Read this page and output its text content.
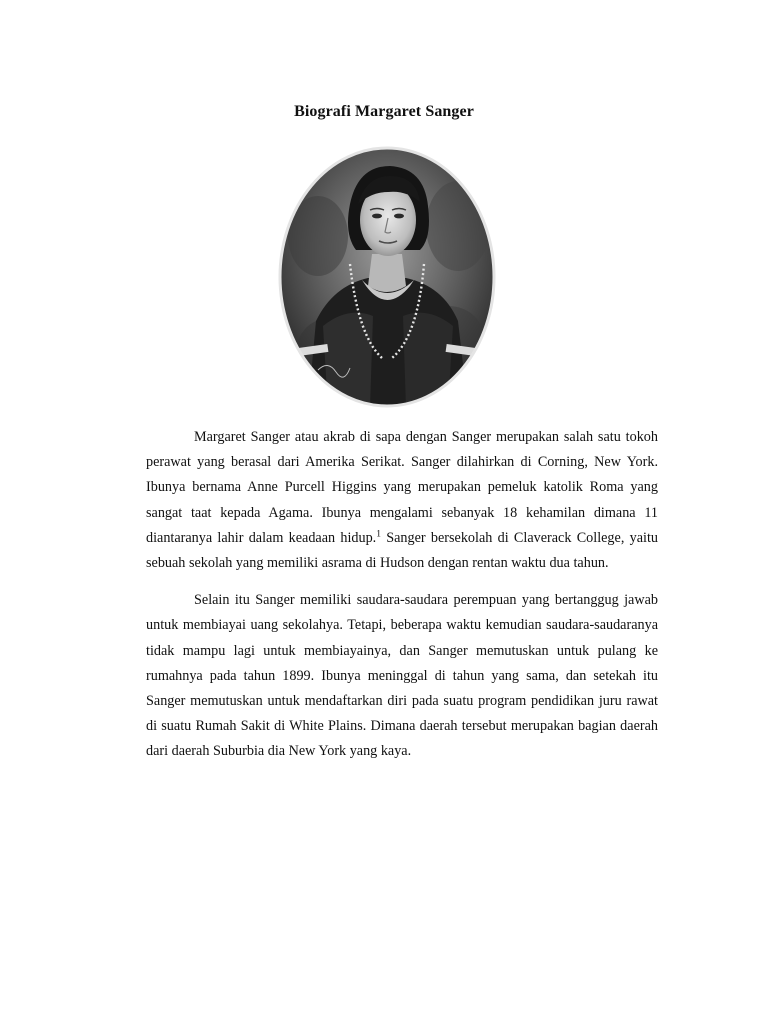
Biografi Margaret Sanger

Margaret Sanger atau akrab di sapa dengan Sanger merupakan salah satu tokoh perawat yang berasal dari Amerika Serikat. Sanger dilahirkan di Corning, New York. Ibunya bernama Anne Purcell Higgins yang merupakan pemeluk katolik Roma yang sangat taat kepada Agama. Ibunya mengalami sebanyak 18 kehamilan dimana 11 diantaranya lahir dalam keadaan hidup.$^1$ Sanger bersekolah di Claverack College, yaitu sebuah sekolah yang memiliki asrama di Hudson dengan rentan waktu dua tahun.

Selain itu Sanger memiliki saudara-saudara perempuan yang bertanggug jawab untuk membiayai uang sekolahya. Tetapi, beberapa waktu kemudian saudara-saudaranya tidak mampu lagi untuk membiayainya, dan Sanger memutuskan untuk pulang ke rumahnya pada tahun 1899. Ibunya meninggal di tahun yang sama, dan setekah itu Sanger memutuskan untuk mendaftarkan diri pada suatu program pendidikan juru rawat di suatu Rumah Sakit di White Plains. Dimana daerah tersebut merupakan bagian daerah dari daerah Suburbia dia New York yang kaya.
